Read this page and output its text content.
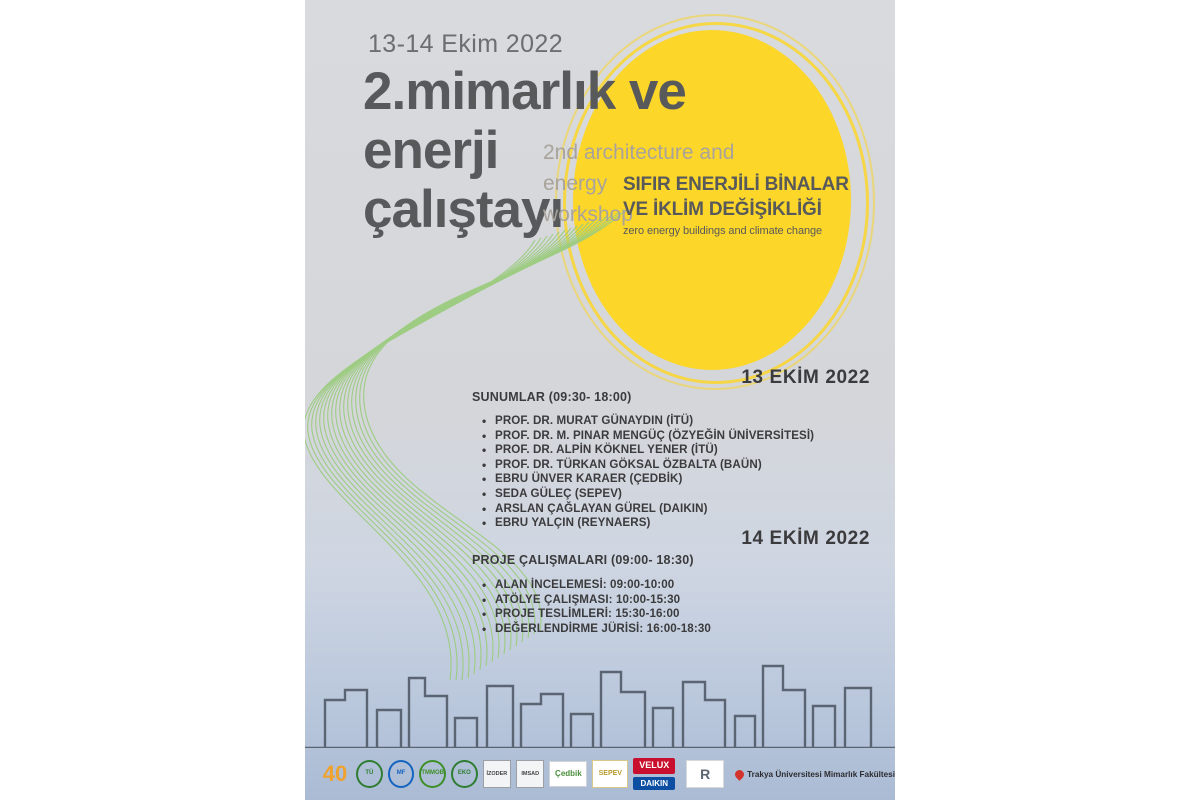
13-14 Ekim 2022
2.mimarlık ve
enerji
çalıştayı
2nd architecture and
energy
workshop
SIFIR ENERJİLİ BİNALAR
VE İKLİM DEĞİŞİKLİĞİ
zero energy buildings and climate change
13 EKİM 2022
SUNUMLAR (09:30- 18:00)
• PROF. DR. MURAT GÜNAYDIN (İTÜ)
• PROF. DR. M. PINAR MENGÜÇ (ÖZYEĞİN ÜNİVERSİTESİ)
• PROF. DR. ALPİN KÖKNEL YENER (İTÜ)
• PROF. DR. TÜRKAN GÖKSAL ÖZBALTA (BAÜN)
• EBRU ÜNVER KARAER (ÇEDBİK)
• SEDA GÜLEÇ (SEPEV)
• ARSLAN ÇAĞLAYAN GÜREL (DAIKIN)
• EBRU YALÇIN (REYNAERS)
14 EKİM 2022
PROJE ÇALIŞMALARI (09:00- 18:30)
• ALAN İNCELEMESİ: 09:00-10:00
• ATÖLYE ÇALIŞMASI: 10:00-15:30
• PROJE TESLİMLERİ: 15:30-16:00
• DEĞERLENDİRME JÜRİSİ: 16:00-18:30
40	TÜ	MF	TMMOB	EKO	İZODER	IMSAD	Çedbik	SEPEV
VELUX
DAIKIN
R	Trakya Üniversitesi Mimarlık Fakültesi
